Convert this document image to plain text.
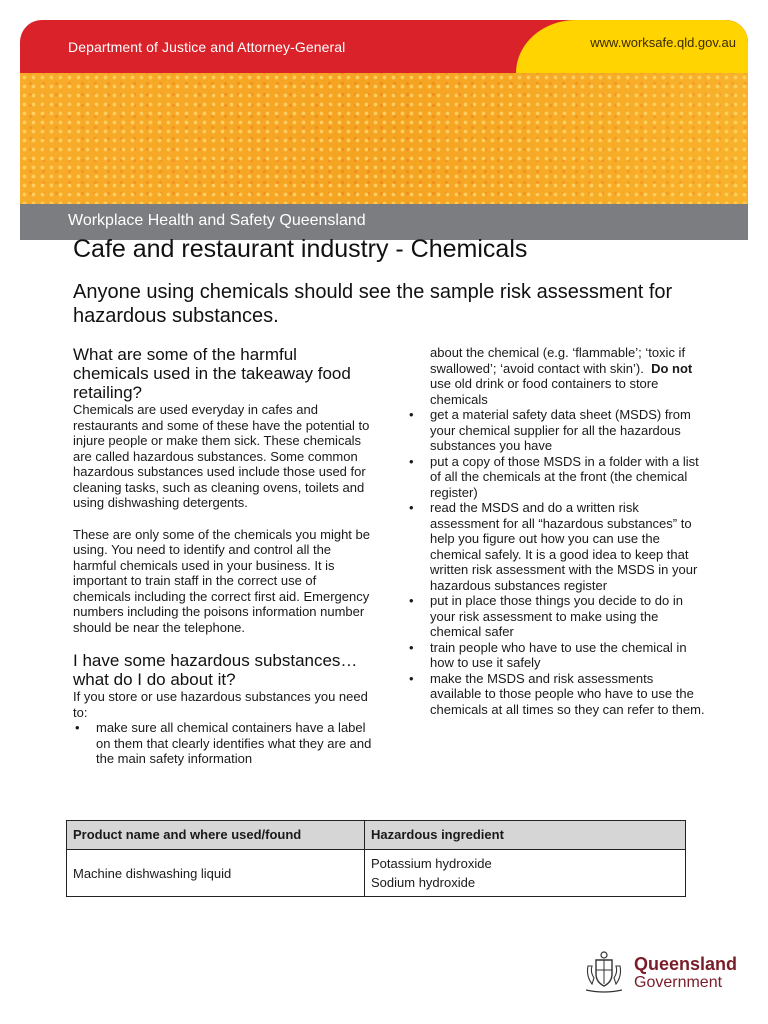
Department of Justice and Attorney-General	www.worksafe.qld.gov.au
Workplace Health and Safety Queensland
Cafe and restaurant industry - Chemicals
Anyone using chemicals should see the sample risk assessment for hazardous substances.
What are some of the harmful chemicals used in the takeaway food retailing?

Chemicals are used everyday in cafes and restaurants and some of these have the potential to injure people or make them sick. These chemicals are called hazardous substances. Some common hazardous substances used include those used for cleaning tasks, such as cleaning ovens, toilets and using dishwashing detergents.

These are only some of the chemicals you might be using. You need to identify and control all the harmful chemicals used in your business. It is important to train staff in the correct use of chemicals including the correct first aid. Emergency numbers including the poisons information number should be near the telephone.

I have some hazardous substances… what do I do about it?

If you store or use hazardous substances you need to:

• make sure all chemical containers have a label on them that clearly identifies what they are and the main safety information
about the chemical (e.g. ‘flammable’; ‘toxic if swallowed’; ‘avoid contact with skin’). Do not use old drink or food containers to store chemicals
• get a material safety data sheet (MSDS) from your chemical supplier for all the hazardous substances you have
• put a copy of those MSDS in a folder with a list of all the chemicals at the front (the chemical register)
• read the MSDS and do a written risk assessment for all “hazardous substances” to help you figure out how you can use the chemical safely. It is a good idea to keep that written risk assessment with the MSDS in your hazardous substances register
• put in place those things you decide to do in your risk assessment to make using the chemical safer
• train people who have to use the chemical in how to use it safely
• make the MSDS and risk assessments available to those people who have to use the chemicals at all times so they can refer to them.
Product name and where used/found	Hazardous ingredient
Machine dishwashing liquid	Potassium hydroxide
Sodium hydroxide
Queensland
Government
